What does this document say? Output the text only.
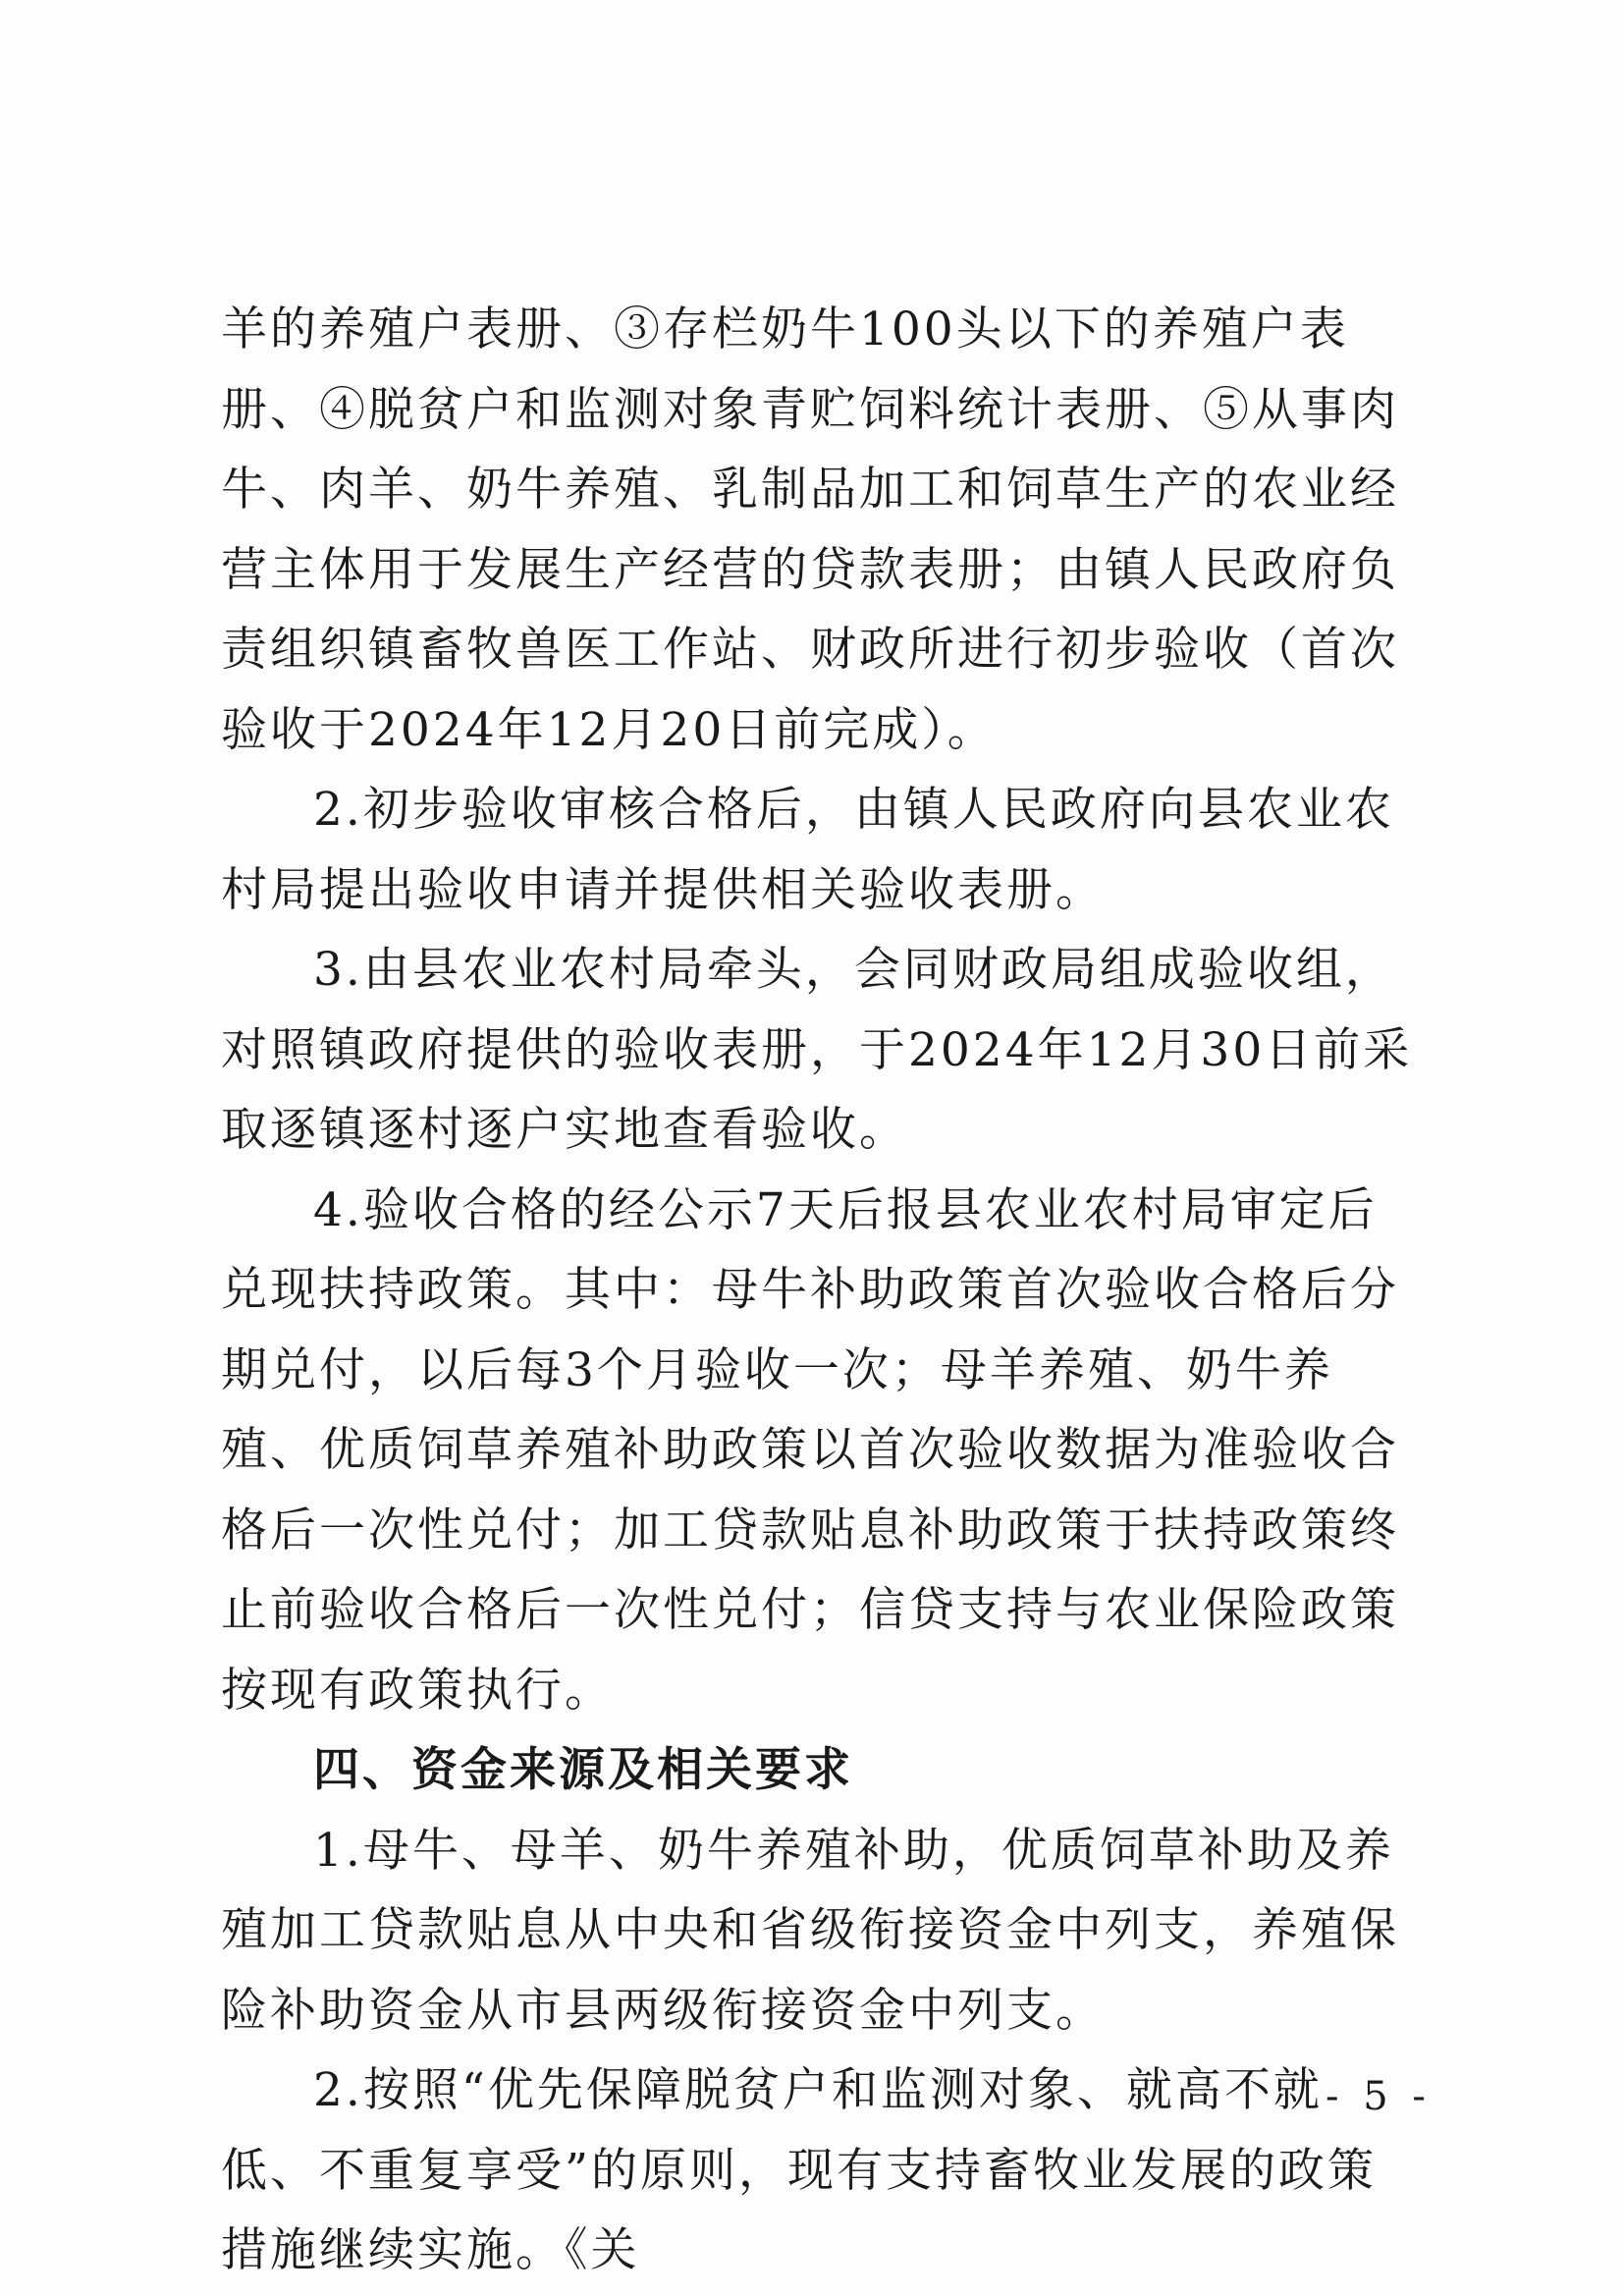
羊的养殖户表册、③存栏奶牛100头以下的养殖户表册、④脱贫户和监测对象青贮饲料统计表册、⑤从事肉牛、肉羊、奶牛养殖、乳制品加工和饲草生产的农业经营主体用于发展生产经营的贷款表册；由镇人民政府负责组织镇畜牧兽医工作站、财政所进行初步验收（首次验收于2024年12月20日前完成）。

2.初步验收审核合格后，由镇人民政府向县农业农村局提出验收申请并提供相关验收表册。

3.由县农业农村局牵头，会同财政局组成验收组，对照镇政府提供的验收表册，于2024年12月30日前采取逐镇逐村逐户实地查看验收。

4.验收合格的经公示7天后报县农业农村局审定后兑现扶持政策。其中：母牛补助政策首次验收合格后分期兑付，以后每3个月验收一次；母羊养殖、奶牛养殖、优质饲草养殖补助政策以首次验收数据为准验收合格后一次性兑付；加工贷款贴息补助政策于扶持政策终止前验收合格后一次性兑付；信贷支持与农业保险政策按现有政策执行。

四、资金来源及相关要求

1.母牛、母羊、奶牛养殖补助，优质饲草补助及养殖加工贷款贴息从中央和省级衔接资金中列支，养殖保险补助资金从市县两级衔接资金中列支。

2.按照“优先保障脱贫户和监测对象、就高不就低、不重复享受”的原则，现有支持畜牧业发展的政策措施继续实施。《关

- 5 -
